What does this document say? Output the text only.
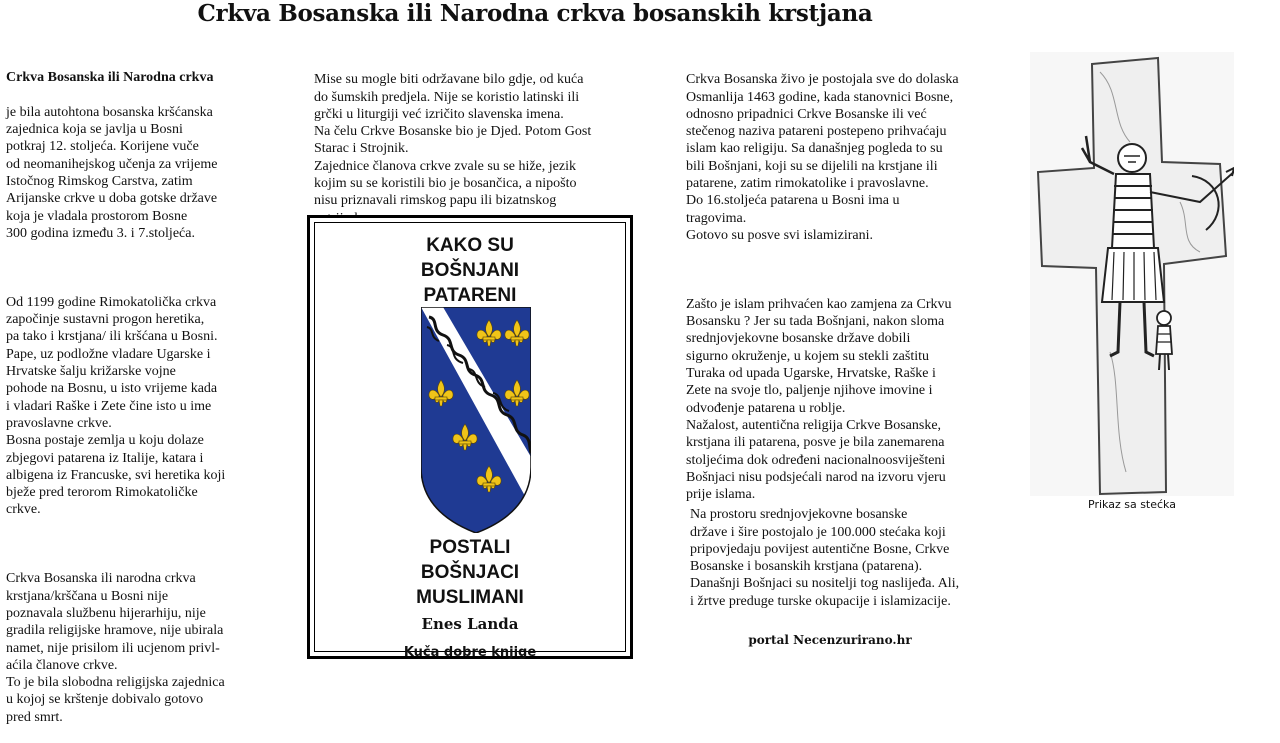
Crkva Bosanska ili Narodna crkva bosanskih krstjana

Crkva Bosanska ili Narodna crkva

je bila autohtona bosanska kršćanska
zajednica koja se javlja u Bosni
potkraj 12. stoljeća. Korijene vuče
od neomaniheјskog učenja za vrijeme
Istočnog Rimskog Carstva, zatim
Arijanske crkve u doba gotske države
koja je vladala prostorom Bosne
300 godina između 3. i 7.stoljeća.

Od 1199 godine Rimokatolička crkva
započinje sustavni progon heretika,
pa tako i krstjana/ ili kršćana u Bosni.
Pape, uz podložne vladare Ugarske i
Hrvatske šalju križarske vojne
pohode na Bosnu, u isto vrijeme kada
i vladari Raške i Zete čine isto u ime
pravoslavne crkve.
Bosna postaje zemlja u koju dolaze
zbjegovi patarena iz Italije, katara i
albigena iz Francuske, svi heretika koji
bježe pred terorom Rimokatoličke
crkve.

Crkva Bosanska ili narodna crkva
krstjana/krščana u Bosni nije
poznavala službenu hijerarhiju, nije
gradila religijske hramove, nije ubirala
namet, nije prisilom ili ucjenom privl-
aćila članove crkve.
To je bila slobodna religijska zajednica
u kojoj se krštenje dobivalo gotovo
pred smrt.

Mise su mogle biti održavane bilo gdje, od kuća
do šumskih predjela. Nije se koristio latinski ili
grčki u liturgiji već izričito slavenska imena.
Na čelu Crkve Bosanske bio je Djed. Potom Gost
Starac i Strojnik.
Zajednice članova crkve zvale su se hiže, jezik
kojim su se koristili bio je bosančica, a nipošto
nisu priznavali rimskog papu ili bizatnskog

KAKO SU
BOŠNJANI
PATARENI
POSTALI
BOŠNJACI
MUSLIMANI
Enes Landa
Kuča dobre knjige

Crkva Bosanska živo je postojala sve do dolaska
Osmanlija 1463 godine, kada stanovnici Bosne,
odnosno pripadnici Crkve Bosanske ili već
stečenog naziva patareni postepeno prihvaćaju
islam kao religiju. Sa današnjeg pogleda to su
bili Bošnjani, koji su se dijelili na krstjane ili
patarene, zatim rimokatolike i pravoslavne.
Do 16.stoljeća patarena u Bosni ima u
tragovima.
Gotovo su posve svi islamizirani.

Zašto je islam prihvaćen kao zamjena za Crkvu
Bosansku ? Jer su tada Bošnjani, nakon sloma
srednjovjekovne bosanske države dobili
sigurno okruženje, u kojem su stekli zaštitu
Turaka od upada Ugarske, Hrvatske, Raške i
Zete na svoje tlo, paljenje njihove imovine i
odvođenje patarena u roblje.
Nažalost, autentična religija Crkve Bosanske,
krstjana ili patarena, posve je bila zanemarena
stoljećima dok određeni nacionalnoosviješteni
Bošnjaci nisu podsjećali narod na izvoru vjeru
prije islama.

Na prostoru srednjovjekovne bosanske
države i šire postojalo je 100.000 stećaka koji
pripovjedaju povijest autentične Bosne, Crkve
Bosanske i bosanskih krstjana (patarena).
Današnji Bošnjaci su nositelji tog naslijeđa. Ali,
i žrtve preduge turske okupacije i islamizacije.

Prikaz sa stećka
portal Necenzurirano.hr
